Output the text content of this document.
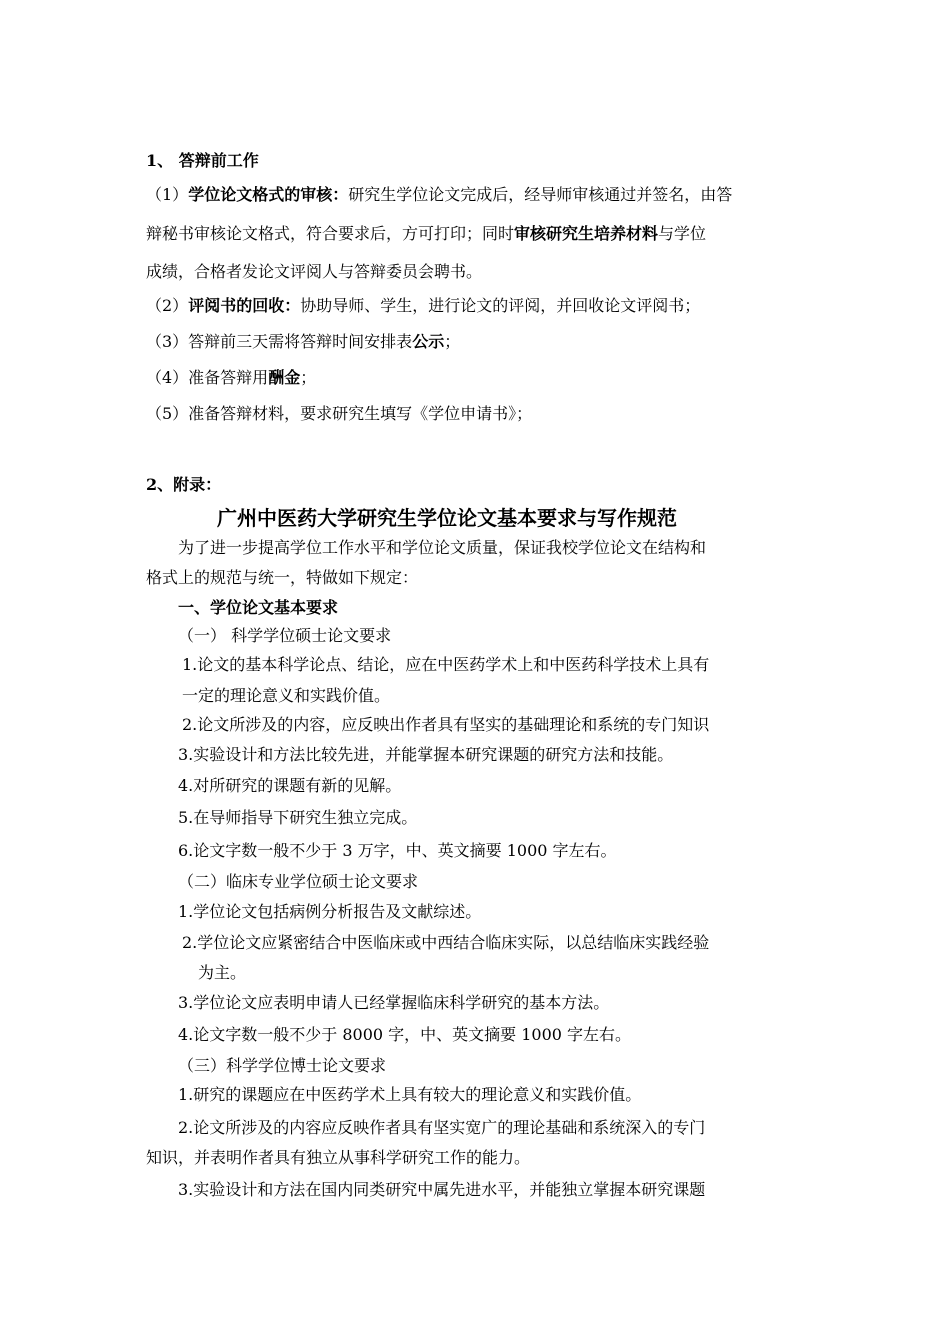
1、 答辩前工作
（1）学位论文格式的审核：研究生学位论文完成后，经导师审核通过并签名，由答
辩秘书审核论文格式，符合要求后，方可打印；同时审核研究生培养材料与学位
成绩，合格者发论文评阅人与答辩委员会聘书。
（2）评阅书的回收：协助导师、学生，进行论文的评阅，并回收论文评阅书；
（3）答辩前三天需将答辩时间安排表公示；
（4）准备答辩用酬金；
（5）准备答辩材料，要求研究生填写《学位申请书》；
2、附录：
广州中医药大学研究生学位论文基本要求与写作规范
为了进一步提高学位工作水平和学位论文质量，保证我校学位论文在结构和
格式上的规范与统一，特做如下规定：
一、学位论文基本要求
（一） 科学学位硕士论文要求
1.论文的基本科学论点、结论，应在中医药学术上和中医药科学技术上具有
一定的理论意义和实践价值。
2.论文所涉及的内容，应反映出作者具有坚实的基础理论和系统的专门知识
3.实验设计和方法比较先进，并能掌握本研究课题的研究方法和技能。
4.对所研究的课题有新的见解。
5.在导师指导下研究生独立完成。
6.论文字数一般不少于 3 万字，中、英文摘要 1000 字左右。
（二）临床专业学位硕士论文要求
1.学位论文包括病例分析报告及文献综述。
2.学位论文应紧密结合中医临床或中西结合临床实际，以总结临床实践经验
为主。
3.学位论文应表明申请人已经掌握临床科学研究的基本方法。
4.论文字数一般不少于 8000 字，中、英文摘要 1000 字左右。
（三）科学学位博士论文要求
1.研究的课题应在中医药学术上具有较大的理论意义和实践价值。
2.论文所涉及的内容应反映作者具有坚实宽广的理论基础和系统深入的专门
知识，并表明作者具有独立从事科学研究工作的能力。
3.实验设计和方法在国内同类研究中属先进水平，并能独立掌握本研究课题
